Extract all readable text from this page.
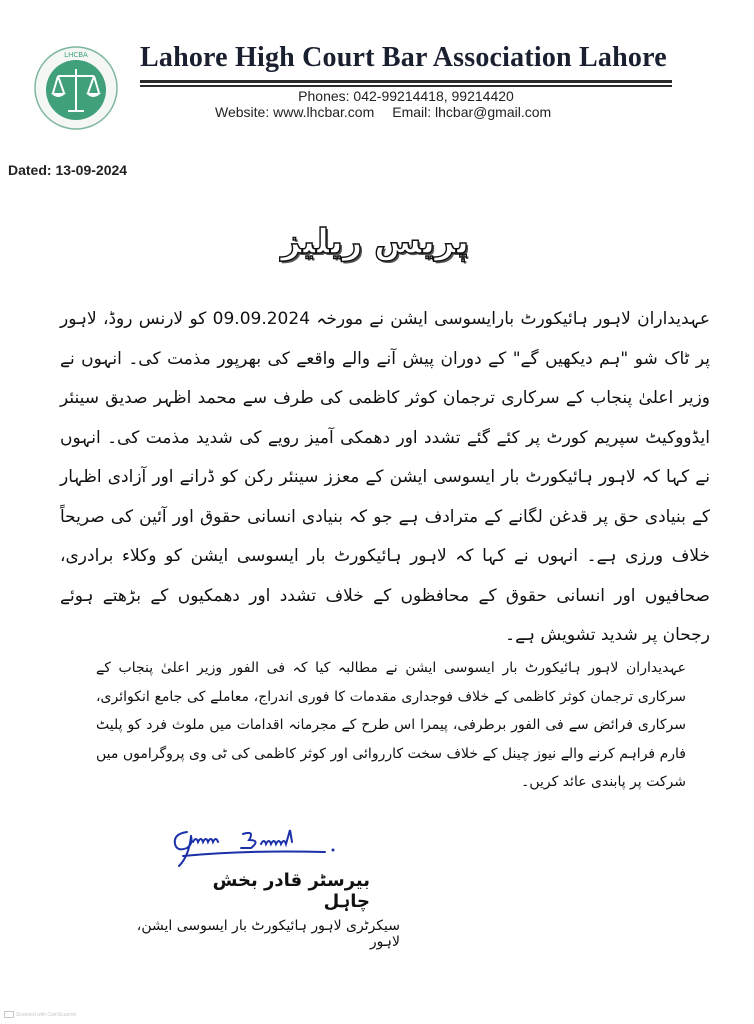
LHCBA Lahore High Court Bar Association Lahore
Phones: 042-99214418, 99214420
Website: www.lhcbar.com Email: lhcbar@gmail.com
Dated: 13-09-2024
پریس ریلیز
عہدیداران لاہور ہائیکورٹ بارایسوسی ایشن نے مورخہ 09.09.2024 کو لارنس روڈ، لاہور پر ٹاک شو "ہم دیکھیں گے" کے دوران پیش آنے والے واقعے کی بھرپور مذمت کی۔ انہوں نے وزیر اعلیٰ پنجاب کے سرکاری ترجمان کوثر کاظمی کی طرف سے محمد اظہر صدیق سینئر ایڈووکیٹ سپریم کورٹ پر کئے گئے تشدد اور دھمکی آمیز رویے کی شدید مذمت کی۔ انہوں نے کہا کہ لاہور ہائیکورٹ بار ایسوسی ایشن کے معزز سینئر رکن کو ڈرانے اور آزادی اظہار کے بنیادی حق پر قدغن لگانے کے مترادف ہے جو کہ بنیادی انسانی حقوق اور آئین کی صریحاً خلاف ورزی ہے۔ انہوں نے کہا کہ لاہور ہائیکورٹ بار ایسوسی ایشن کو وکلاء برادری، صحافیوں اور انسانی حقوق کے محافظوں کے خلاف تشدد اور دھمکیوں کے بڑھتے ہوئے رجحان پر شدید تشویش ہے۔
عہدیداران لاہور ہائیکورٹ بار ایسوسی ایشن نے مطالبہ کیا کہ فی الفور وزیر اعلیٰ پنجاب کے سرکاری ترجمان کوثر کاظمی کے خلاف فوجداری مقدمات کا فوری اندراج، معاملے کی جامع انکوائری، سرکاری فرائض سے فی الفور برطرفی، پیمرا اس طرح کے مجرمانہ اقدامات میں ملوث فرد کو پلیٹ فارم فراہم کرنے والے نیوز چینل کے خلاف سخت کارروائی اور کوثر کاظمی کی ٹی وی پروگراموں میں شرکت پر پابندی عائد کریں۔
بیرسٹر قادر بخش چاہل
سیکرٹری لاہور ہائیکورٹ بار ایسوسی ایشن، لاہور
Scanned with CamScanner
